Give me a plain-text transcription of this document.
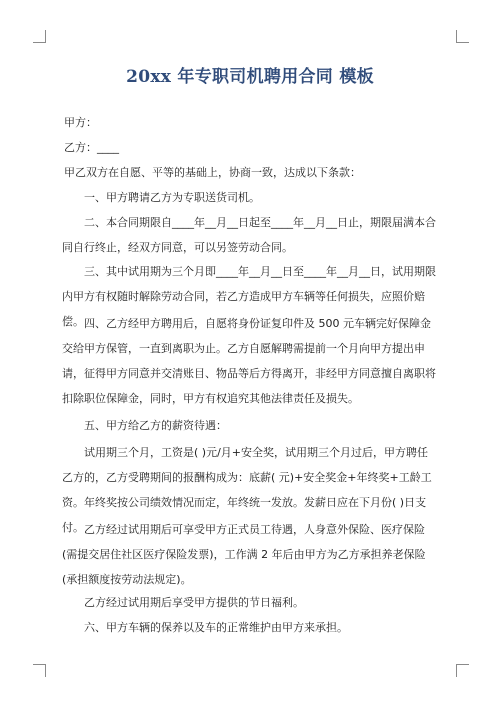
20xx 年专职司机聘用合同 模板
甲方：
乙方：____
甲乙双方在自愿、平等的基础上，协商一致，达成以下条款：
一、甲方聘请乙方为专职送货司机。
二、本合同期限自____年__月__日起至____年__月__日止，期限届满本合同自行终止，经双方同意，可以另签劳动合同。
三、其中试用期为三个月即____年__月__日至____年__月__日，试用期限内甲方有权随时解除劳动合同，若乙方造成甲方车辆等任何损失，应照价赔偿。 四、乙方经甲方聘用后，自愿将身份证复印件及 500 元车辆完好保障金交给甲方保管，一直到离职为止。乙方自愿解聘需提前一个月向甲方提出申请，征得甲方同意并交清账目、物品等后方得离开，非经甲方同意擅自离职将扣除职位保障金，同时，甲方有权追究其他法律责任及损失。
五、甲方给乙方的薪资待遇：
试用期三个月，工资是( )元/月+安全奖，试用期三个月过后，甲方聘任乙方的，乙方受聘期间的报酬构成为：底薪( 元)+安全奖金+年终奖+工龄工资。年终奖按公司绩效情况而定，年终统一发放。发薪日应在下月份( )日支付。 乙方经过试用期后可享受甲方正式员工待遇，人身意外保险、医疗保险(需提交居住社区医疗保险发票)，工作满 2 年后由甲方为乙方承担养老保险(承担额度按劳动法规定)。
乙方经过试用期后享受甲方提供的节日福利。
六、甲方车辆的保养以及车的正常维护由甲方来承担。
